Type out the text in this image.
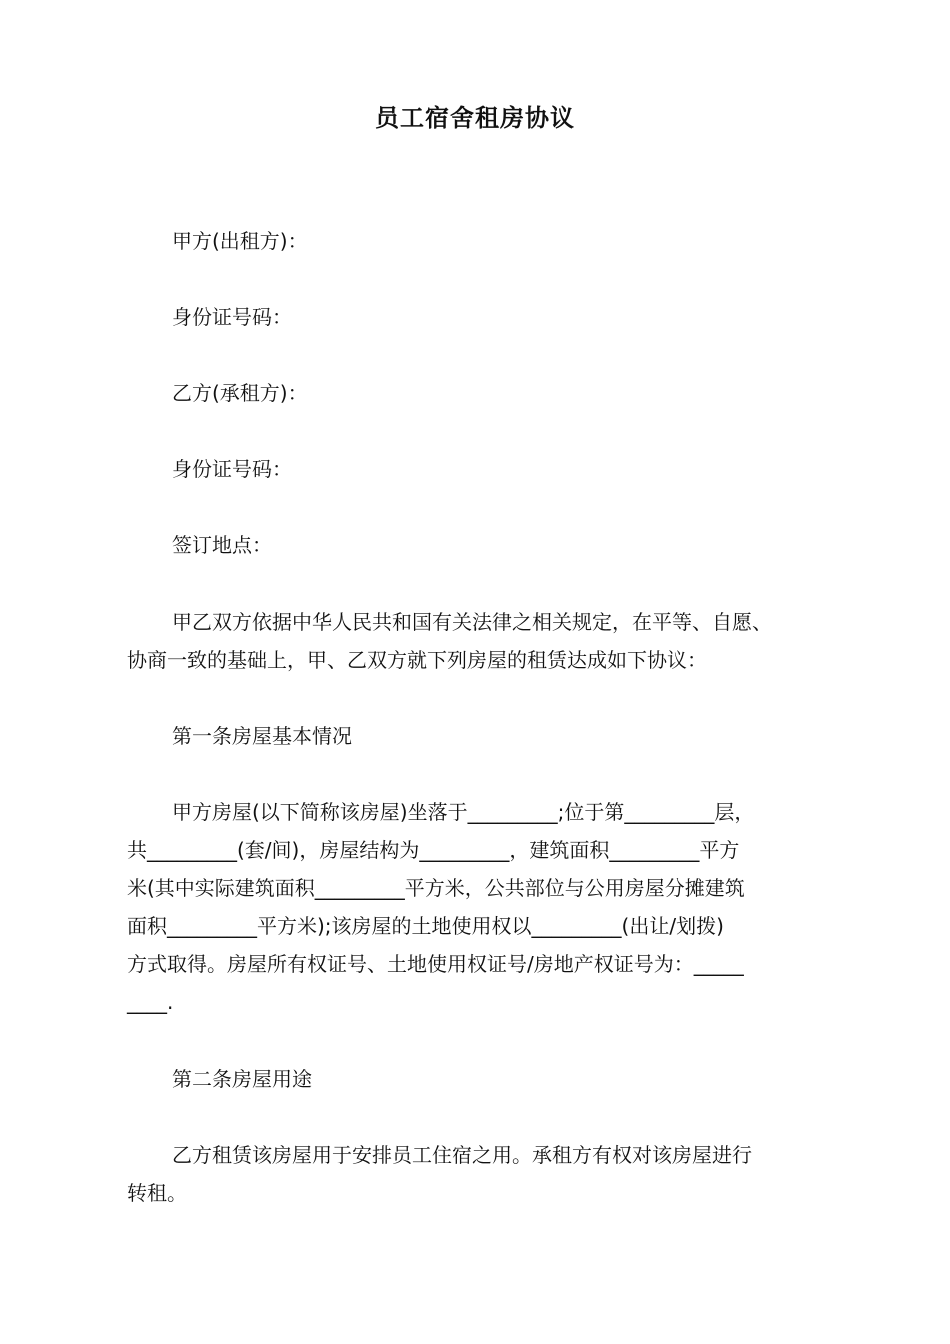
员工宿舍租房协议
甲方(出租方)：
身份证号码：
乙方(承租方)：
身份证号码：
签订地点：
甲乙双方依据中华人民共和国有关法律之相关规定，在平等、自愿、
协商一致的基础上，甲、乙双方就下列房屋的租赁达成如下协议：
第一条房屋基本情况
甲方房屋(以下简称该房屋)坐落于_________;位于第_________层，
共_________(套/间)，房屋结构为_________，建筑面积_________平方
米(其中实际建筑面积_________平方米，公共部位与公用房屋分摊建筑
面积_________平方米);该房屋的土地使用权以_________(出让/划拨)
方式取得。房屋所有权证号、土地使用权证号/房地产权证号为：_____
____.
第二条房屋用途
乙方租赁该房屋用于安排员工住宿之用。承租方有权对该房屋进行
转租。
